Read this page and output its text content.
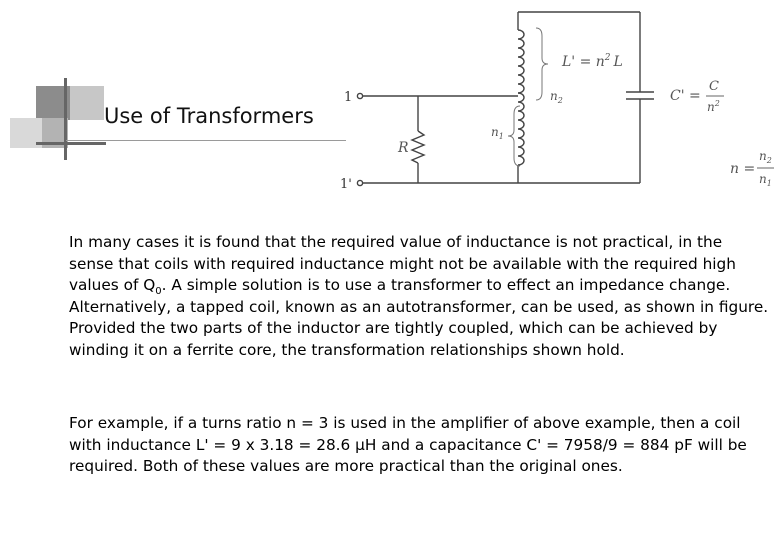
Use of Transformers
1
1'
R
$n_2$
$n_1$
$L' = n^2$ L
C' =
C
$n^2$
n =
$n_2$
$n_1$
In many cases it is found that the required value of inductance is not practical, in the sense that coils with required inductance might not be available with the required high values of $Q_0$. A simple solution is to use a transformer to effect an impedance change. Alternatively, a tapped coil, known as an autotransformer, can be used, as shown in figure. Provided the two parts of the inductor are tightly coupled, which can be achieved by winding it on a ferrite core, the transformation relationships shown hold.
For example, if a turns ratio n = 3 is used in the amplifier of above example, then a coil with inductance L' = 9 x 3.18 = 28.6 µH and a capacitance C' = 7958/9 = 884 pF will be required. Both of these values are more practical than the original ones.
